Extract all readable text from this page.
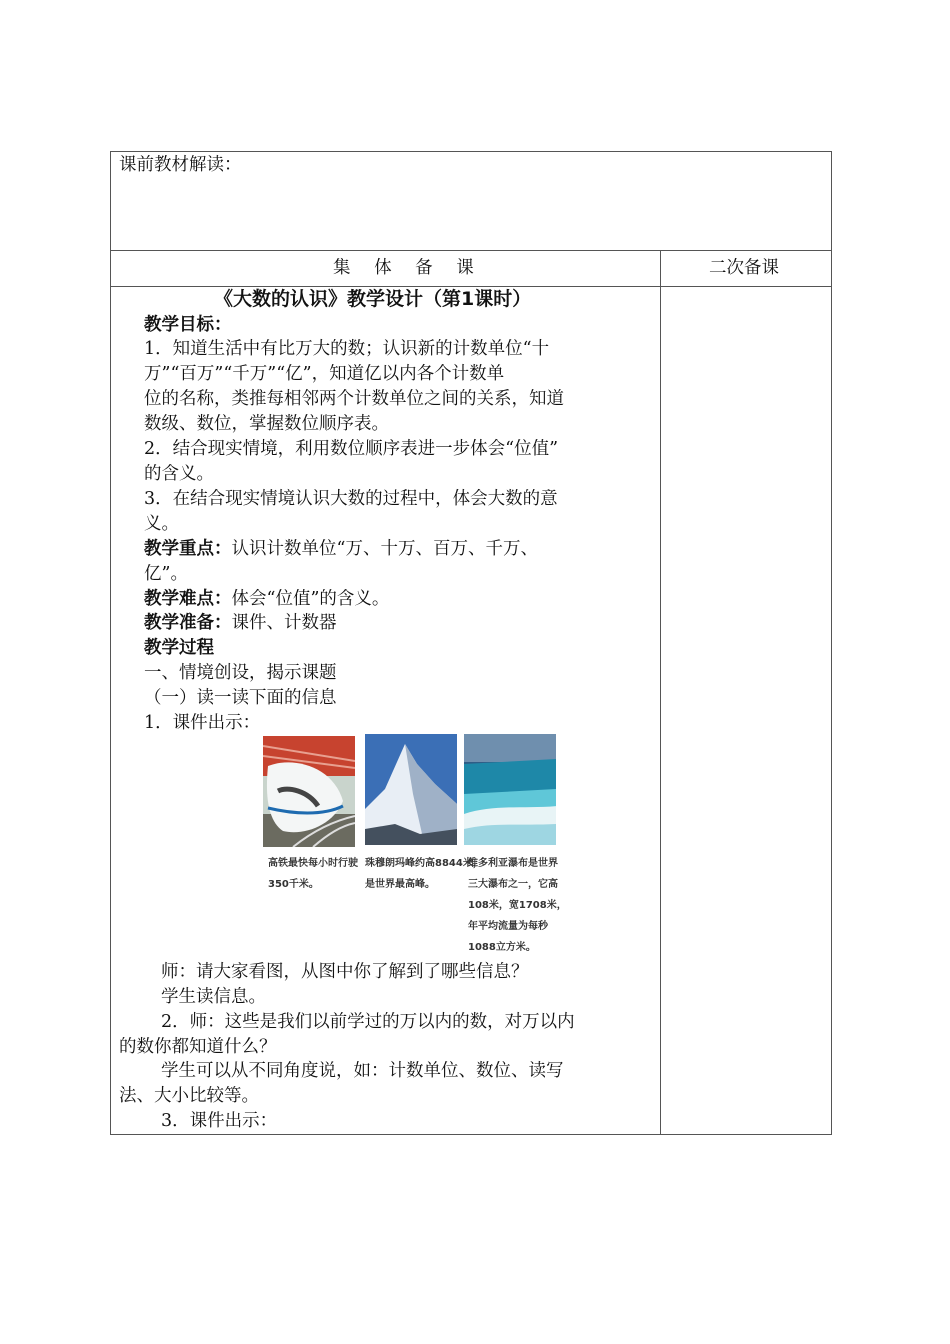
课前教材解读：
集 体 备 课	二次备课
《大数的认识》教学设计（第1课时）
教学目标：
1．知道生活中有比万大的数；认识新的计数单位“十
万”“百万”“千万”“亿”，知道亿以内各个计数单
位的名称，类推每相邻两个计数单位之间的关系，知道
数级、数位，掌握数位顺序表。
2．结合现实情境，利用数位顺序表进一步体会“位值”
的含义。
3．在结合现实情境认识大数的过程中，体会大数的意
义。
教学重点：认识计数单位“万、十万、百万、千万、
亿”。
教学难点：体会“位值”的含义。
教学准备：课件、计数器
教学过程
一、情境创设，揭示课题
（一）读一读下面的信息
1．课件出示：
高铁最快每小时行驶
350千米。
珠穆朗玛峰约高8844米，
是世界最高峰。
维多利亚瀑布是世界
三大瀑布之一，它高
108米，宽1708米，
年平均流量为每秒
1088立方米。
师：请大家看图，从图中你了解到了哪些信息？
学生读信息。
2．师：这些是我们以前学过的万以内的数，对万以内
的数你都知道什么？
学生可以从不同角度说，如：计数单位、数位、读写
法、大小比较等。
3．课件出示：
